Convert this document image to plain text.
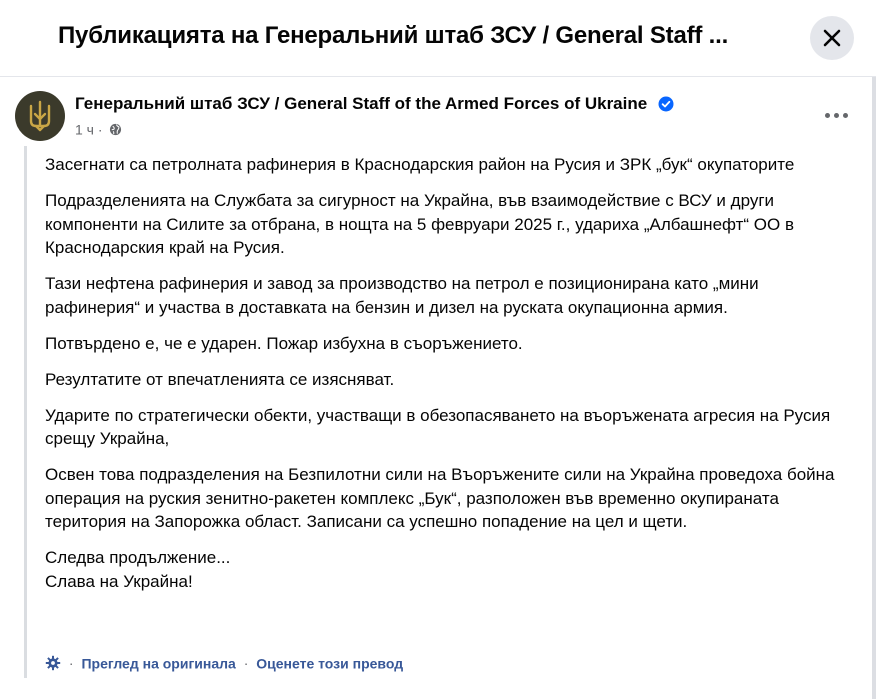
Публикацията на Генеральний штаб ЗСУ / General Staff ...
Генеральний штаб ЗСУ / General Staff of the Armed Forces of Ukraine
1 ч ·

Засегнати са петролната рафинерия в Краснодарския район на Русия и ЗРК „бук“ окупаторите

Подразделенията на Службата за сигурност на Украйна, във взаимодействие с ВСУ и други компоненти на Силите за отбрана, в нощта на 5 февруари 2025 г., удариха „Албашнефт“ ОО в Краснодарския край на Русия.

Тази нефтена рафинерия и завод за производство на петрол е позиционирана като „мини рафинерия“ и участва в доставката на бензин и дизел на руската окупационна армия.

Потвърдено е, че е ударен. Пожар избухна в съоръжението.

Резултатите от впечатленията се изясняват.

Ударите по стратегически обекти, участващи в обезопасяването на въоръжената агресия на Русия срещу Украйна,

Освен това подразделения на Безпилотни сили на Въоръжените сили на Украйна проведоха бойна операция на руския зенитно-ракетен комплекс „Бук“, разположен във временно окупираната територия на Запорожка област. Записани са успешно попадение на цел и щети.

Следва продължение...

Слава на Украйна!

· Преглед на оригинала · Оценете този превод
